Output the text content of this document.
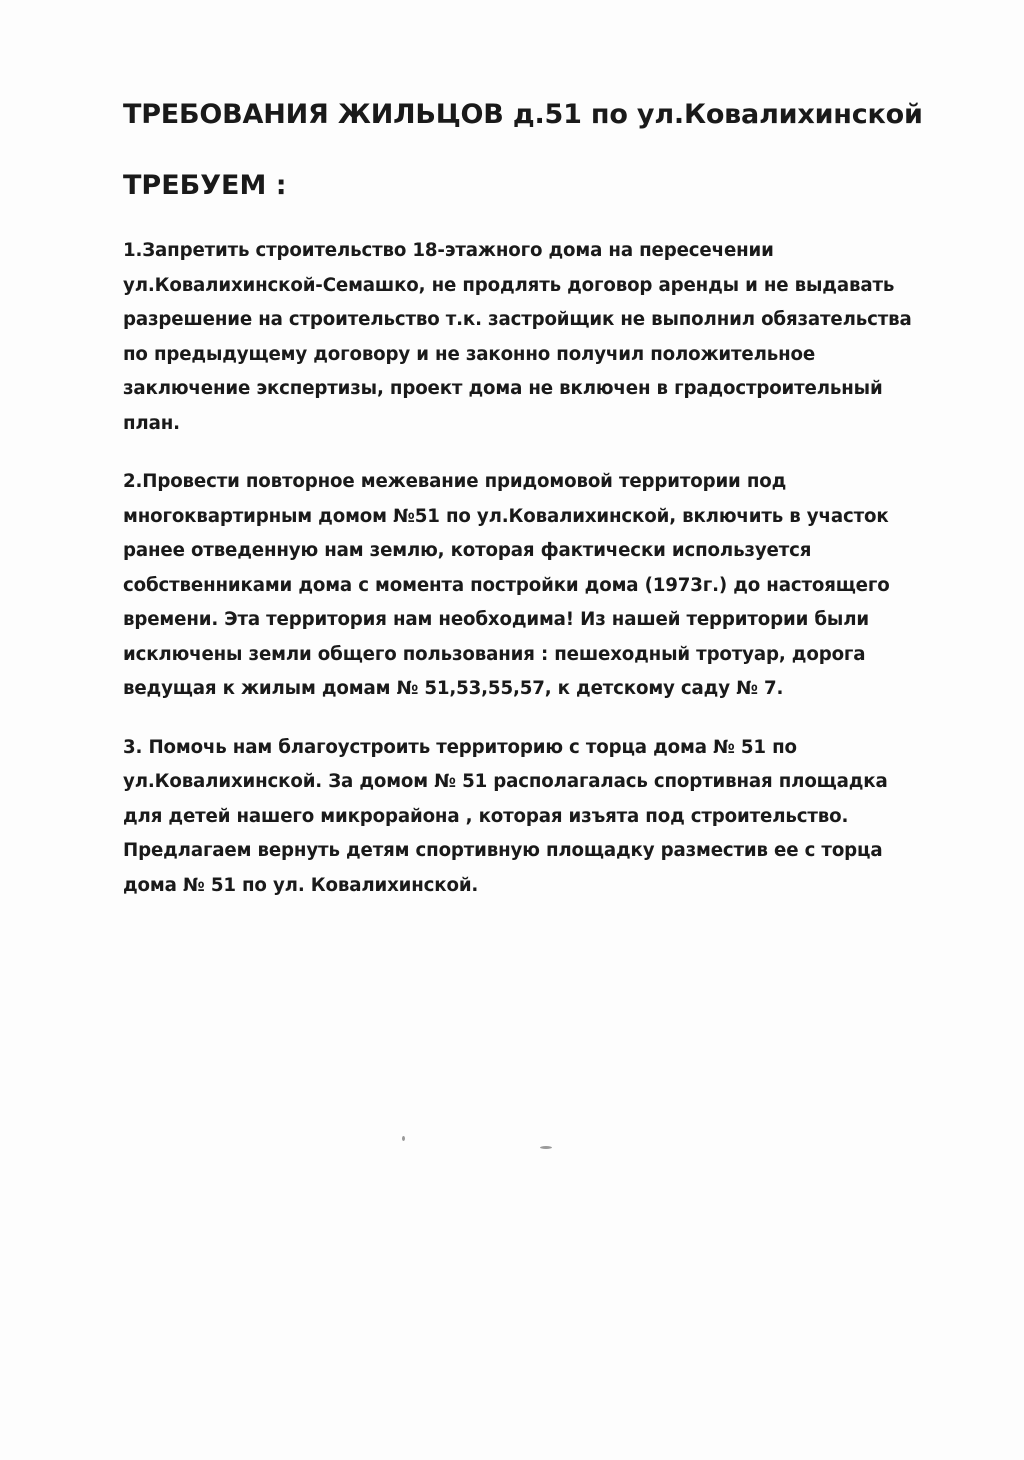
ТРЕБОВАНИЯ ЖИЛЬЦОВ д.51 по ул.Ковалихинской
ТРЕБУЕМ :
1.Запретить строительство 18-этажного дома на пересечении
ул.Ковалихинской-Семашко, не продлять договор аренды и не выдавать
разрешение на строительство т.к. застройщик не выполнил обязательства
по предыдущему договору и не законно получил положительное
заключение экспертизы, проект дома не включен в градостроительный
план.
2.Провести повторное межевание придомовой территории под
многоквартирным домом №51 по ул.Ковалихинской, включить в участок
ранее отведенную нам землю, которая фактически используется
собственниками дома с момента постройки дома (1973г.) до настоящего
времени. Эта территория нам необходима! Из нашей территории были
исключены земли общего пользования : пешеходный тротуар, дорога
ведущая к жилым домам № 51,53,55,57, к детскому саду № 7.
3. Помочь нам благоустроить территорию с торца дома № 51 по
ул.Ковалихинской. За домом № 51 располагалась спортивная площадка
для детей нашего микрорайона , которая изъята под строительство.
Предлагаем вернуть детям спортивную площадку разместив ее с торца
дома № 51 по ул. Ковалихинской.
